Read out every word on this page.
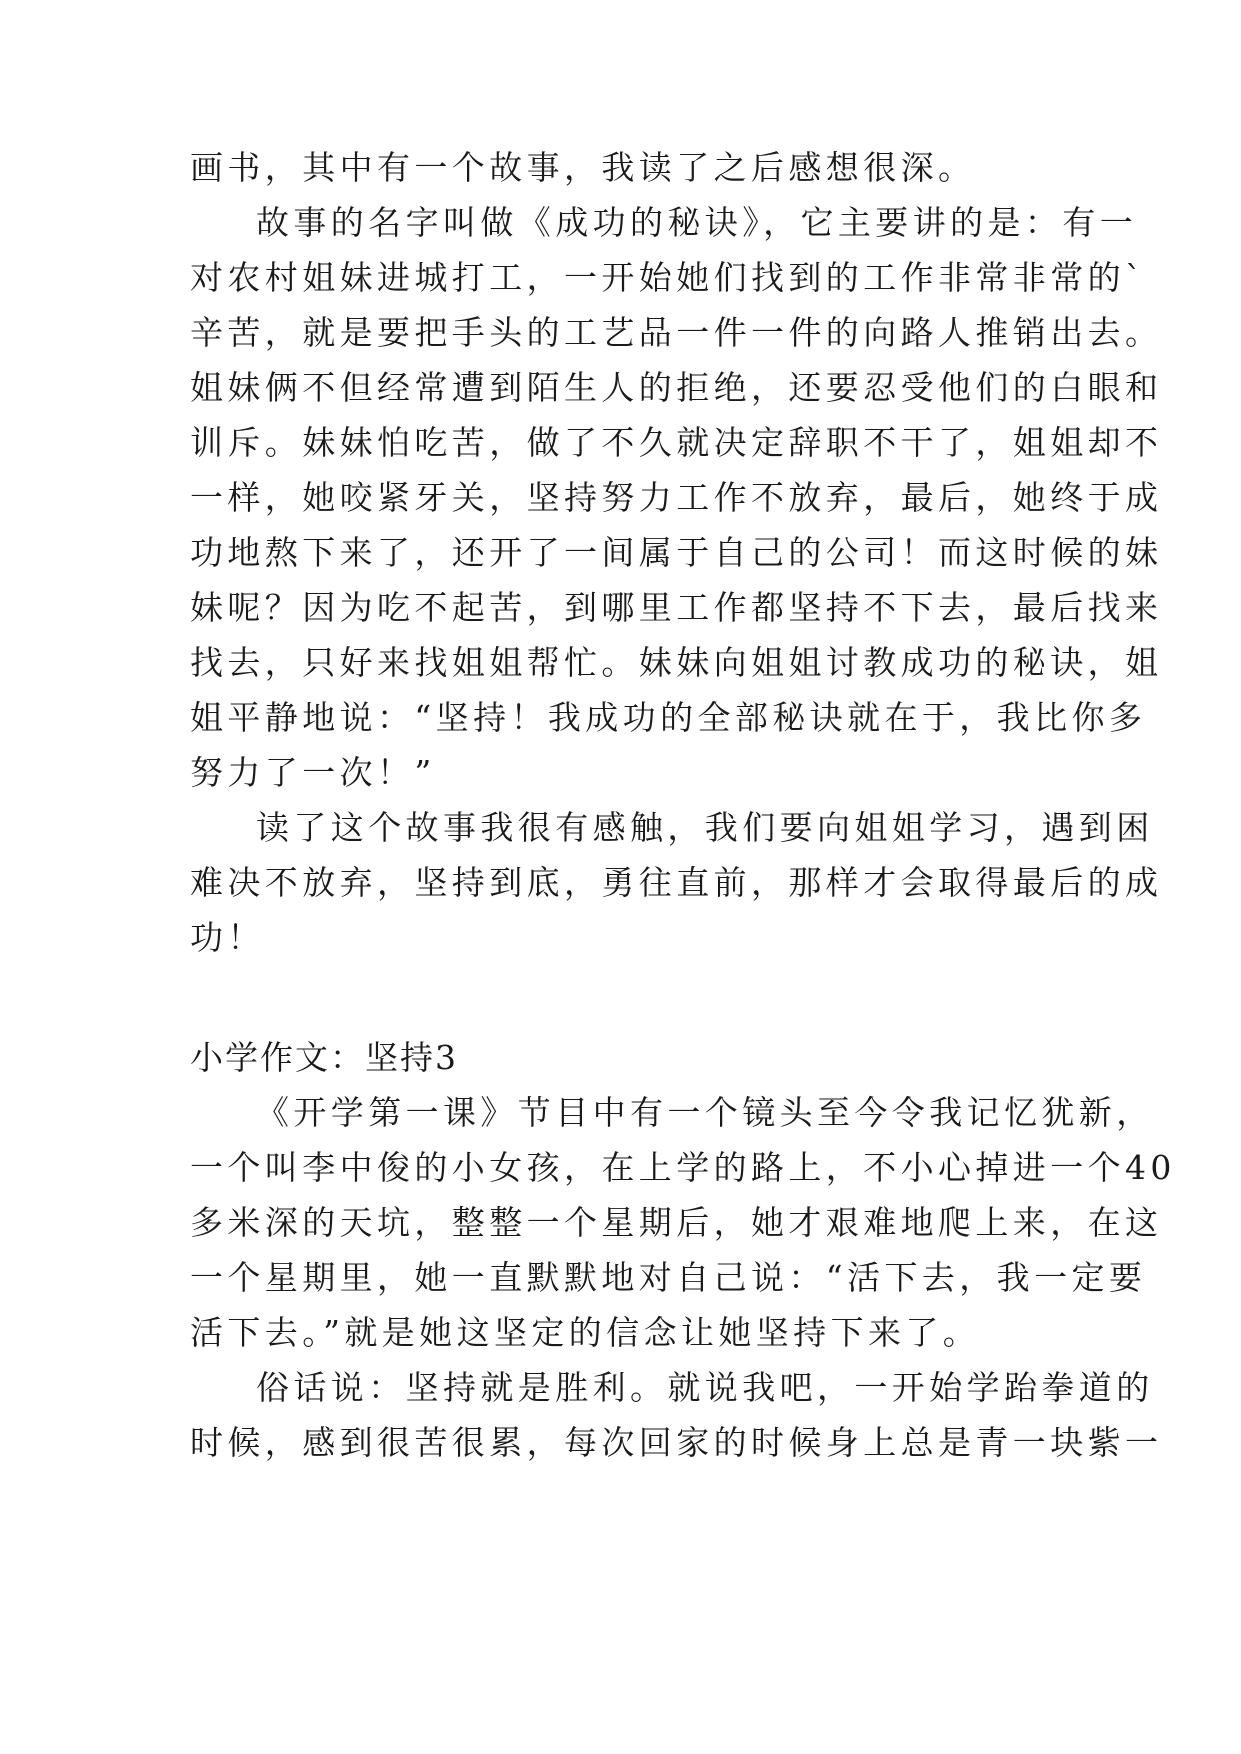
画书，其中有一个故事，我读了之后感想很深。
故事的名字叫做《成功的秘诀》，它主要讲的是：有一
对农村姐妹进城打工，一开始她们找到的工作非常非常的`
辛苦，就是要把手头的工艺品一件一件的向路人推销出去。
姐妹俩不但经常遭到陌生人的拒绝，还要忍受他们的白眼和
训斥。妹妹怕吃苦，做了不久就决定辞职不干了，姐姐却不
一样，她咬紧牙关，坚持努力工作不放弃，最后，她终于成
功地熬下来了，还开了一间属于自己的公司！而这时候的妹
妹呢？因为吃不起苦，到哪里工作都坚持不下去，最后找来
找去，只好来找姐姐帮忙。妹妹向姐姐讨教成功的秘诀，姐
姐平静地说：“坚持！我成功的全部秘诀就在于，我比你多
努力了一次！”
读了这个故事我很有感触，我们要向姐姐学习，遇到困
难决不放弃，坚持到底，勇往直前，那样才会取得最后的成
功！
小学作文：坚持3
《开学第一课》节目中有一个镜头至今令我记忆犹新，
一个叫李中俊的小女孩，在上学的路上，不小心掉进一个40
多米深的天坑，整整一个星期后，她才艰难地爬上来，在这
一个星期里，她一直默默地对自己说：“活下去，我一定要
活下去。”就是她这坚定的信念让她坚持下来了。
俗话说：坚持就是胜利。就说我吧，一开始学跆拳道的
时候，感到很苦很累，每次回家的时候身上总是青一块紫一
